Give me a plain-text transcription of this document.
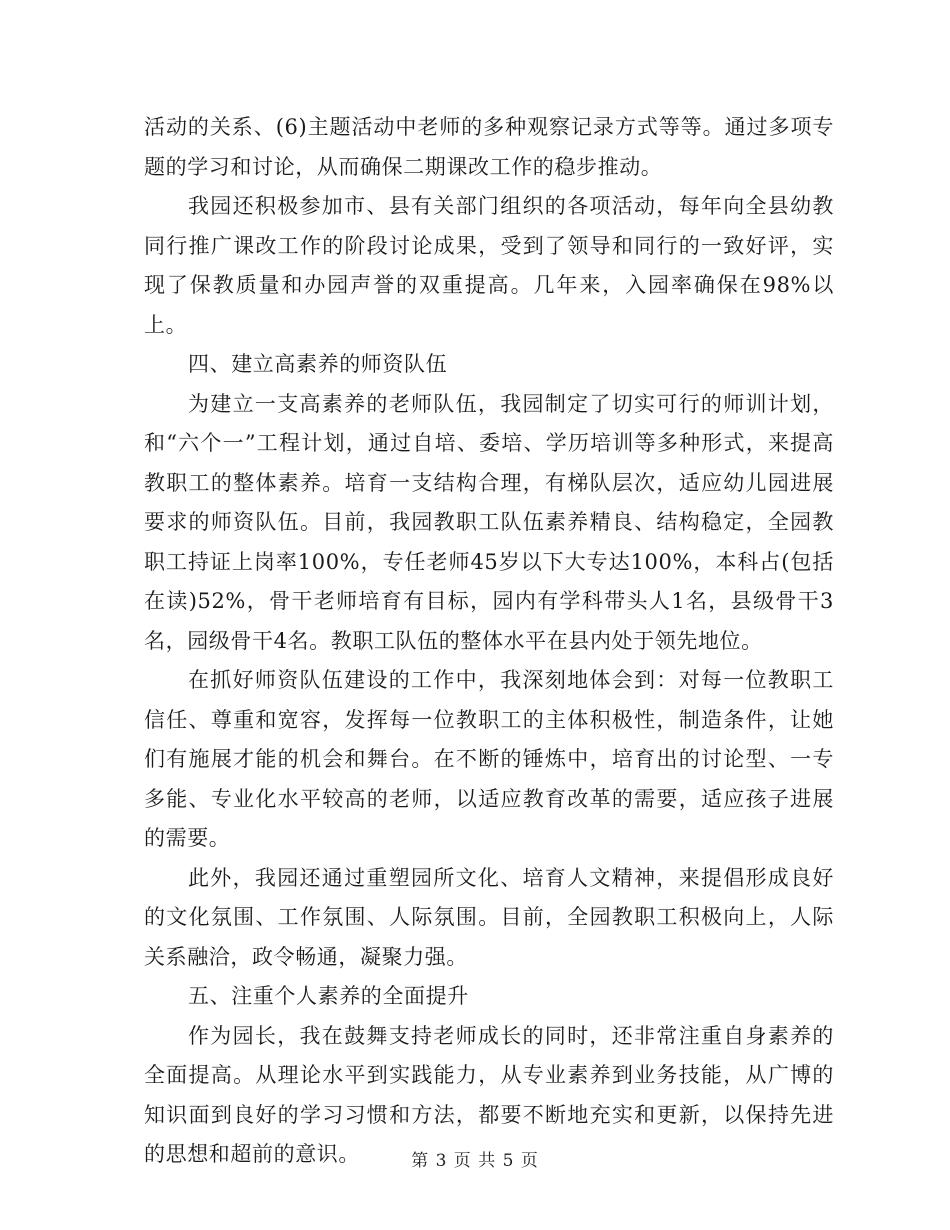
活动的关系、(6)主题活动中老师的多种观察记录方式等等。通过多项专题的学习和讨论，从而确保二期课改工作的稳步推动。

我园还积极参加市、县有关部门组织的各项活动，每年向全县幼教同行推广课改工作的阶段讨论成果，受到了领导和同行的一致好评，实现了保教质量和办园声誉的双重提高。几年来，入园率确保在98%以上。

四、建立高素养的师资队伍

为建立一支高素养的老师队伍，我园制定了切实可行的师训计划，和“六个一”工程计划，通过自培、委培、学历培训等多种形式，来提高教职工的整体素养。培育一支结构合理，有梯队层次，适应幼儿园进展要求的师资队伍。目前，我园教职工队伍素养精良、结构稳定，全园教职工持证上岗率100%，专任老师45岁以下大专达100%，本科占(包括在读)52%，骨干老师培育有目标，园内有学科带头人1名，县级骨干3名，园级骨干4名。教职工队伍的整体水平在县内处于领先地位。

在抓好师资队伍建设的工作中，我深刻地体会到：对每一位教职工信任、尊重和宽容，发挥每一位教职工的主体积极性，制造条件，让她们有施展才能的机会和舞台。在不断的锤炼中，培育出的讨论型、一专多能、专业化水平较高的老师，以适应教育改革的需要，适应孩子进展的需要。

此外，我园还通过重塑园所文化、培育人文精神，来提倡形成良好的文化氛围、工作氛围、人际氛围。目前，全园教职工积极向上，人际关系融洽，政令畅通，凝聚力强。

五、注重个人素养的全面提升

作为园长，我在鼓舞支持老师成长的同时，还非常注重自身素养的全面提高。从理论水平到实践能力，从专业素养到业务技能，从广博的知识面到良好的学习习惯和方法，都要不断地充实和更新，以保持先进的思想和超前的意识。	第 3 页 共 5 页
